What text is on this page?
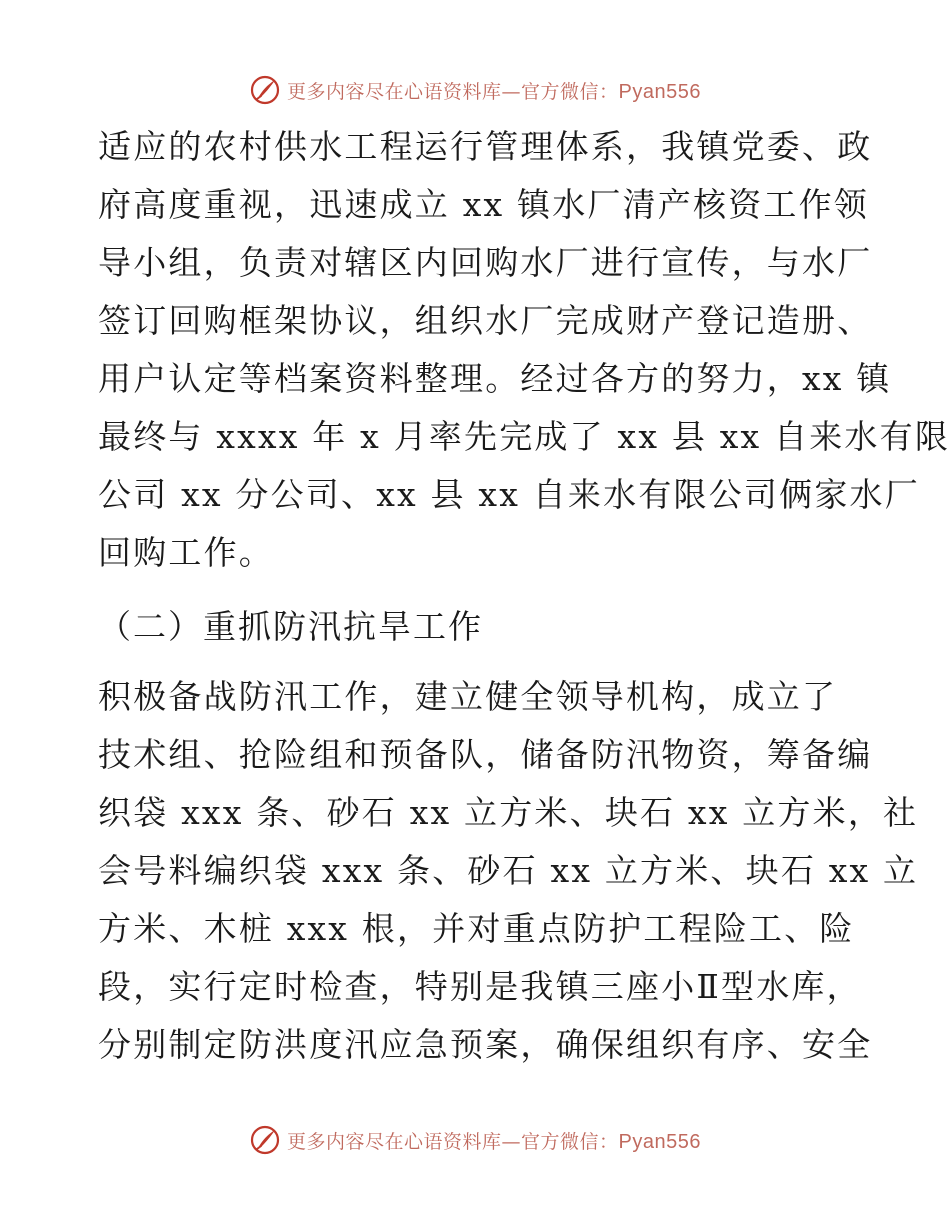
更多内容尽在心语资料库—官方微信：Pyan556
适应的农村供水工程运行管理体系，我镇党委、政
府高度重视，迅速成立 xx 镇水厂清产核资工作领
导小组，负责对辖区内回购水厂进行宣传，与水厂
签订回购框架协议，组织水厂完成财产登记造册、
用户认定等档案资料整理。经过各方的努力，xx 镇
最终与 xxxx 年 x 月率先完成了 xx 县 xx 自来水有限
公司 xx 分公司、xx 县 xx 自来水有限公司俩家水厂
回购工作。
（二）重抓防汛抗旱工作
积极备战防汛工作，建立健全领导机构，成立了
技术组、抢险组和预备队，储备防汛物资，筹备编
织袋 xxx 条、砂石 xx 立方米、块石 xx 立方米，社
会号料编织袋 xxx 条、砂石 xx 立方米、块石 xx 立
方米、木桩 xxx 根，并对重点防护工程险工、险
段，实行定时检查，特别是我镇三座小Ⅱ型水库，
分别制定防洪度汛应急预案，确保组织有序、安全
更多内容尽在心语资料库—官方微信：Pyan556
